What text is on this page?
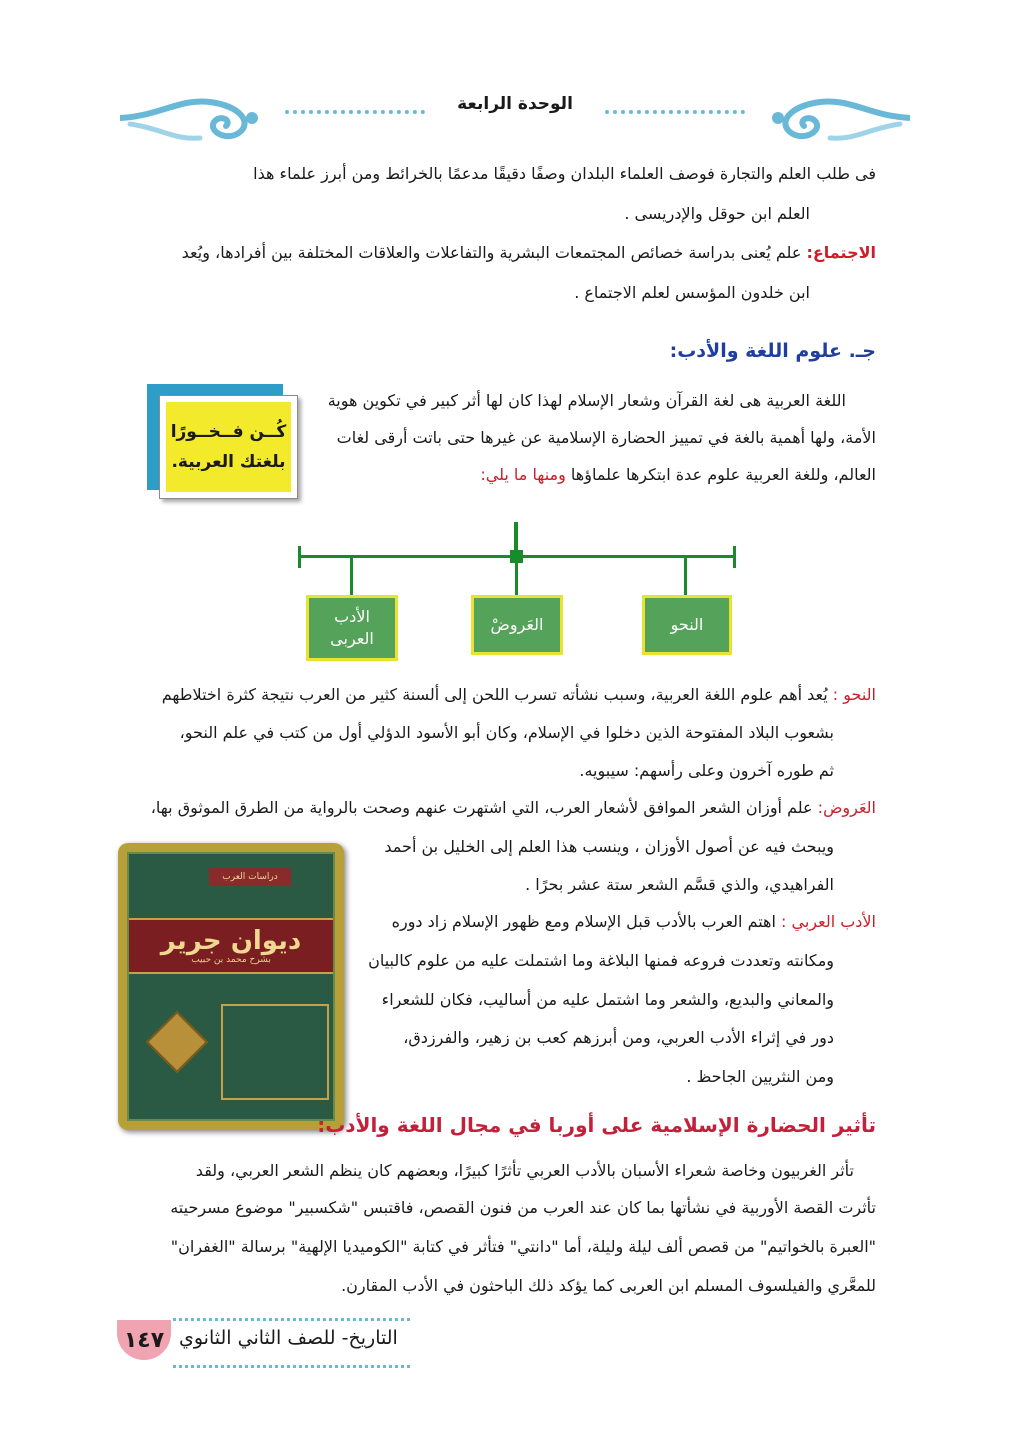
الوحدة الرابعة
فى طلب العلم والتجارة فوصف العلماء البلدان وصفًا دقيقًا مدعمًا بالخرائط ومن أبرز علماء هذا
العلم ابن حوقل والإدريسى .
الاجتماع: علم يُعنى بدراسة خصائص المجتمعات البشرية والتفاعلات والعلاقات المختلفة بين أفرادها، ويُعد
ابن خلدون المؤسس لعلم الاجتماع .
جـ. علوم اللغة والأدب:
اللغة العربية هى لغة القرآن وشعار الإسلام لهذا كان لها أثر كبير في تكوين هوية
الأمة، ولها أهمية بالغة في تمييز الحضارة الإسلامية عن غيرها حتى باتت أرقى لغات
العالم، وللغة العربية علوم عدة ابتكرها علماؤها ومنها ما يلي:
كُــن فــخــورًا
بلغتك العربية.
النحو
العَروضْ
الأدب
العربى
النحو : يُعد أهم علوم اللغة العربية، وسبب نشأته تسرب اللحن إلى ألسنة كثير من العرب نتيجة كثرة اختلاطهم
بشعوب البلاد المفتوحة الذين دخلوا في الإسلام، وكان أبو الأسود الدؤلي أول من كتب في علم النحو،
ثم طوره آخرون وعلى رأسهم: سيبويه.
العَروض: علم أوزان الشعر الموافق لأشعار العرب، التي اشتهرت عنهم وصحت بالرواية من الطرق الموثوق بها،
ويبحث فيه عن أصول الأوزان ، وينسب هذا العلم إلى الخليل بن أحمد
الفراهيدي، والذي قسَّم الشعر ستة عشر بحرًا .
الأدب العربي : اهتم العرب بالأدب قبل الإسلام ومع ظهور الإسلام زاد دوره
ومكانته وتعددت فروعه فمنها البلاغة وما اشتملت عليه من علوم كالبيان
والمعاني والبديع، والشعر وما اشتمل عليه من أساليب، فكان للشعراء
دور في إثراء الأدب العربي، ومن أبرزهم كعب بن زهير، والفرزدق،
ومن النثريين الجاحظ .
دراسات العرب
ديوان جرير
بشرح محمد بن حبيب
تأثير الحضارة الإسلامية على أوربا في مجال اللغة والأدب:
تأثر الغربيون وخاصة شعراء الأسبان بالأدب العربي تأثرًا كبيرًا، وبعضهم كان ينظم الشعر العربي، ولقد
تأثرت القصة الأوربية في نشأتها بما كان عند العرب من فنون القصص، فاقتبس "شكسبير" موضوع مسرحيته
"العبرة بالخواتيم" من قصص ألف ليلة وليلة، أما "دانتي" فتأثر في كتابة "الكوميديا الإلهية" برسالة "الغفران"
للمعَّري والفيلسوف المسلم ابن العربى كما يؤكد ذلك الباحثون في الأدب المقارن.
١٤٧ التاريخ- للصف الثاني الثانوي
